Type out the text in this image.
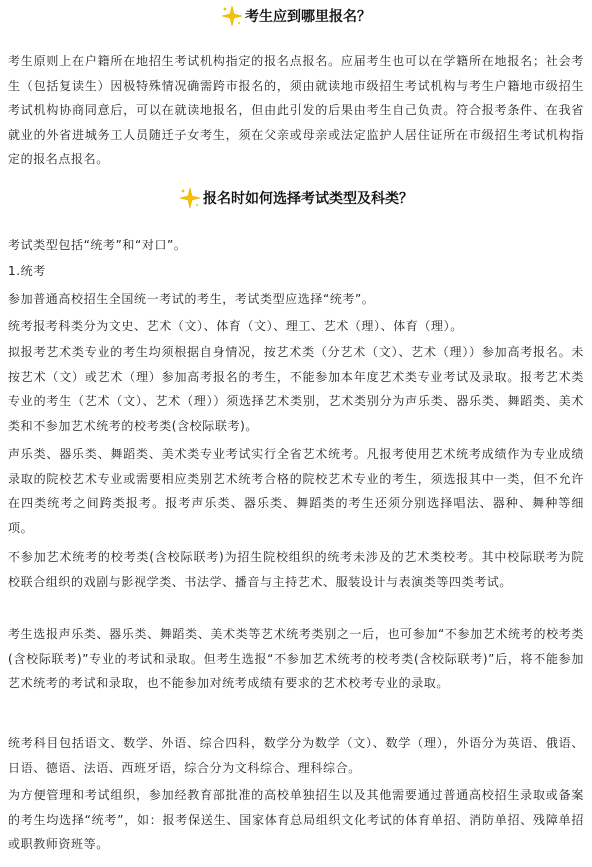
考生应到哪里报名？

考生原则上在户籍所在地招生考试机构指定的报名点报名。应届考生也可以在学籍所在地报名；社会考生（包括复读生）因极特殊情况确需跨市报名的，须由就读地市级招生考试机构与考生户籍地市级招生考试机构协商同意后，可以在就读地报名，但由此引发的后果由考生自己负责。符合报考条件、在我省就业的外省进城务工人员随迁子女考生，须在父亲或母亲或法定监护人居住证所在市级招生考试机构指定的报名点报名。

报名时如何选择考试类型及科类？

考试类型包括“统考”和“对口”。

1.统考

参加普通高校招生全国统一考试的考生，考试类型应选择“统考”。

统考报考科类分为文史、艺术（文）、体育（文）、理工、艺术（理）、体育（理）。

拟报考艺术类专业的考生均须根据自身情况，按艺术类（分艺术（文）、艺术（理））参加高考报名。未按艺术（文）或艺术（理）参加高考报名的考生，不能参加本年度艺术类专业考试及录取。报考艺术类专业的考生（艺术（文）、艺术（理））须选择艺术类别，艺术类别分为声乐类、器乐类、舞蹈类、美术类和不参加艺术统考的校考类(含校际联考)。

声乐类、器乐类、舞蹈类、美术类专业考试实行全省艺术统考。凡报考使用艺术统考成绩作为专业成绩录取的院校艺术专业或需要相应类别艺术统考合格的院校艺术专业的考生，须选报其中一类，但不允许在四类统考之间跨类报考。报考声乐类、器乐类、舞蹈类的考生还须分别选择唱法、器种、舞种等细项。

不参加艺术统考的校考类(含校际联考)为招生院校组织的统考未涉及的艺术类校考。其中校际联考为院校联合组织的戏剧与影视学类、书法学、播音与主持艺术、服装设计与表演类等四类考试。

考生选报声乐类、器乐类、舞蹈类、美术类等艺术统考类别之一后，也可参加“不参加艺术统考的校考类(含校际联考)”专业的考试和录取。但考生选报“不参加艺术统考的校考类(含校际联考)”后，将不能参加艺术统考的考试和录取，也不能参加对统考成绩有要求的艺术校考专业的录取。

统考科目包括语文、数学、外语、综合四科，数学分为数学（文）、数学（理），外语分为英语、俄语、日语、德语、法语、西班牙语，综合分为文科综合、理科综合。

为方便管理和考试组织，参加经教育部批准的高校单独招生以及其他需要通过普通高校招生录取或备案的考生均选择“统考”，如：报考保送生、国家体育总局组织文化考试的体育单招、消防单招、残障单招或职教师资班等。
